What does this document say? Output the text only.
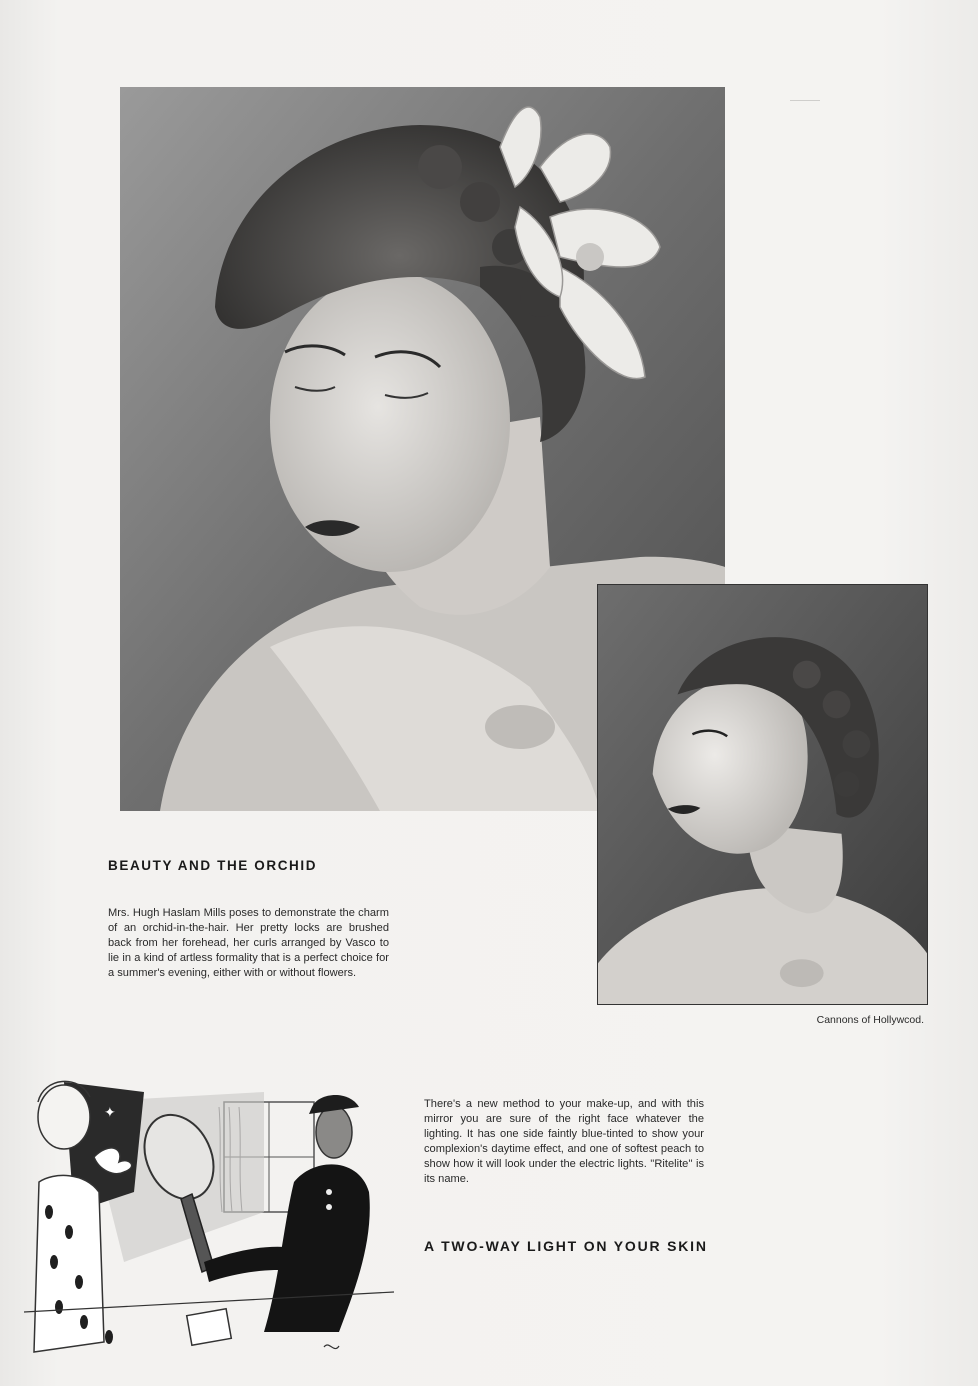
BEAUTY AND THE ORCHID
Mrs. Hugh Haslam Mills poses to demonstrate the charm of an orchid-in-the-hair. Her pretty locks are brushed back from her forehead, her curls arranged by Vasco to lie in a kind of artless formality that is a perfect choice for a summer's evening, either with or without flowers.
Cannons of Hollywcod.
✦
There's a new method to your make-up, and with this mirror you are sure of the right face whatever the lighting. It has one side faintly blue-tinted to show your complexion's daytime effect, and one of softest peach to show how it will look under the electric lights. ''Ritelite'' is its name.
A TWO-WAY LIGHT ON YOUR SKIN
